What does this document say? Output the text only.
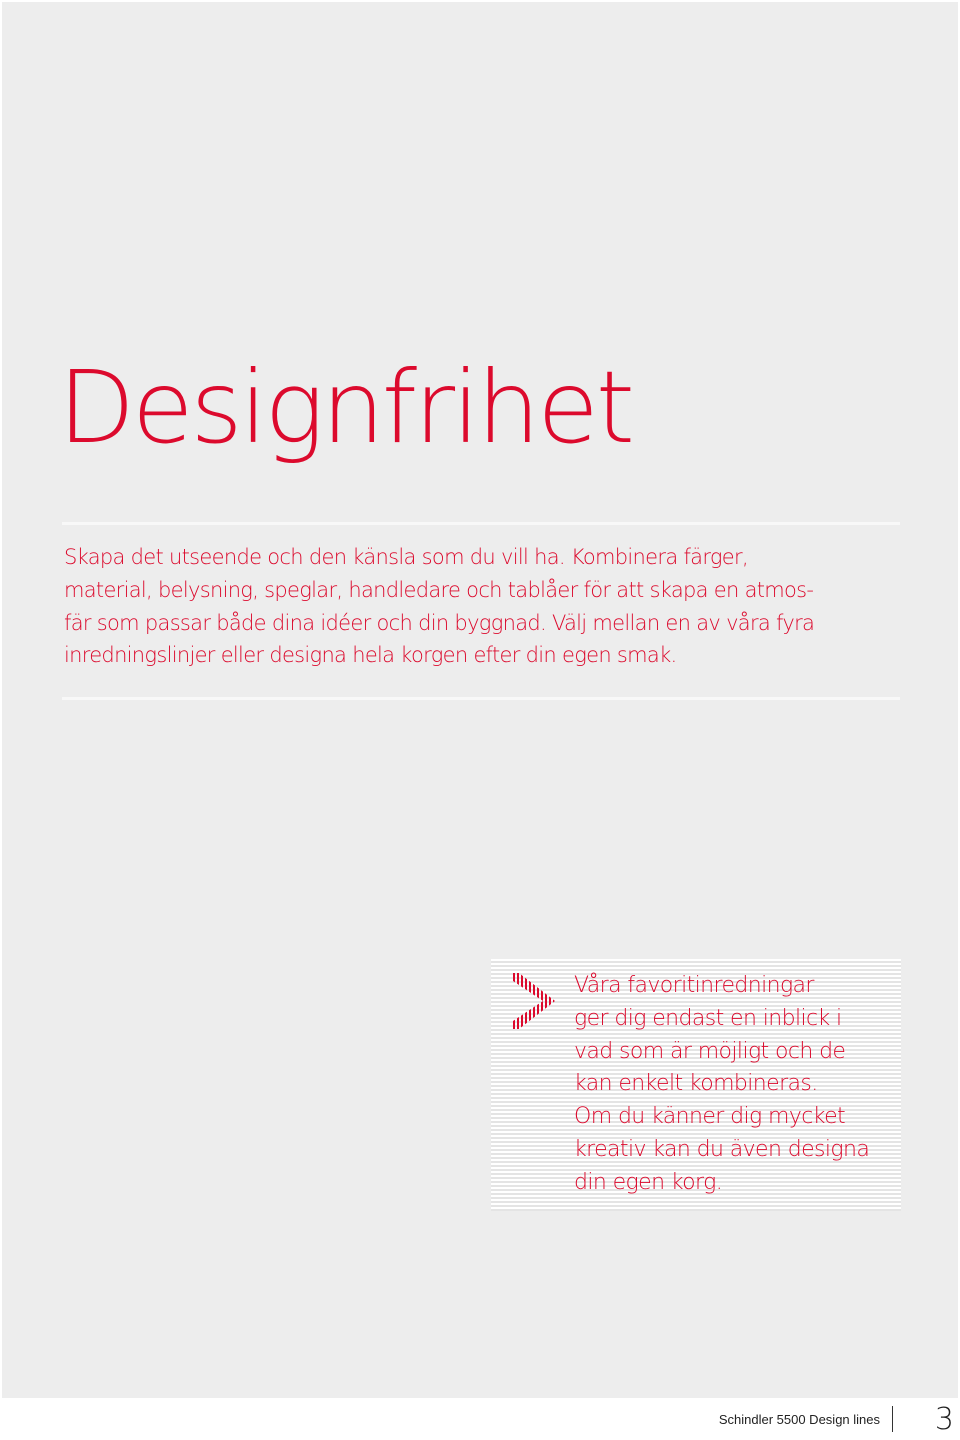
Designfrihet

Skapa det utseende och den känsla som du vill ha. Kombinera färger,
material, belysning, speglar, handledare och tablåer för att skapa en atmos-
fär som passar både dina idéer och din byggnad. Välj mellan en av våra fyra
inredningslinjer eller designa hela korgen efter din egen smak.

Våra favoritinredningar
ger dig endast en inblick i
vad som är möjligt och de
kan enkelt kombineras.
Om du känner dig mycket
kreativ kan du även designa
din egen korg.

Schindler 5500 Design lines 3
